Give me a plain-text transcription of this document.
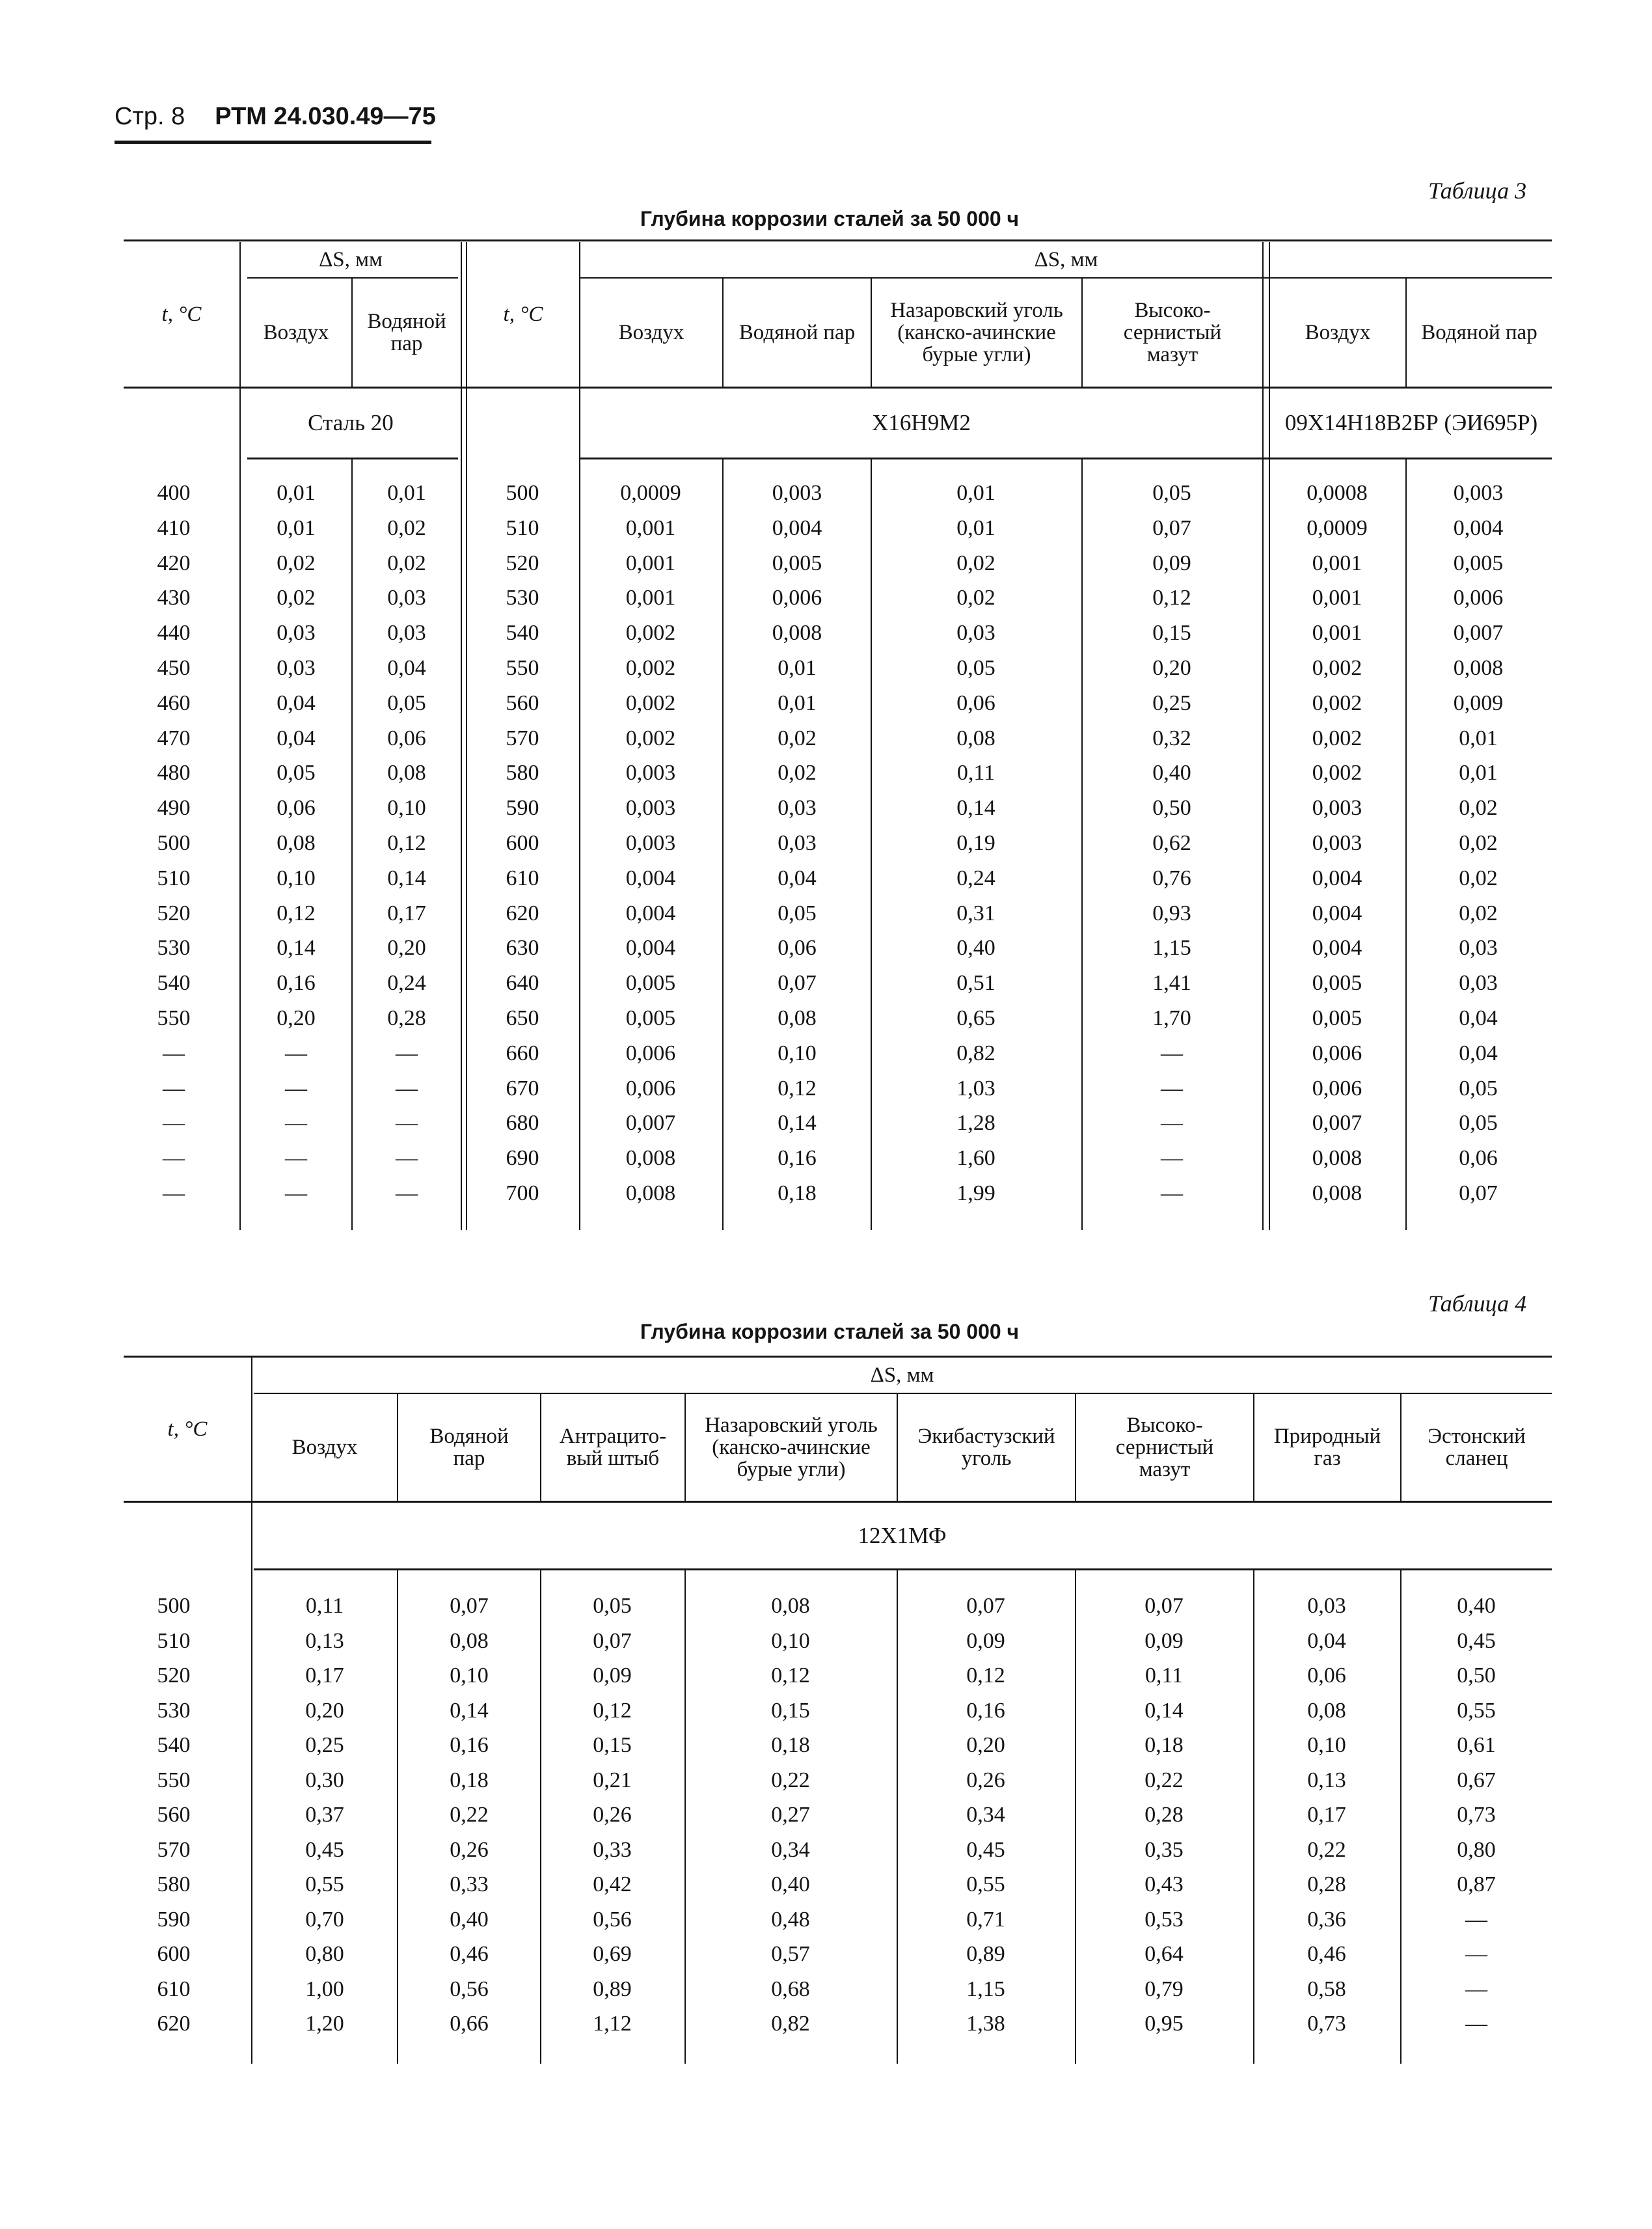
Стр. 8 РТМ 24.030.49—75
Таблица 3
Глубина коррозии сталей за 50 000 ч
t, °C
ΔS, мм
Воздух	Водяной пар
t, °C
ΔS, мм
Воздух	Водяной пар
Назаровский уголь (канско-ачинские бурые угли)
Высоко-сернистый мазут
Воздух	Водяной пар
Сталь 20	Х16Н9М2	09Х14Н18В2БР (ЭИ695Р)
Таблица 4
Глубина коррозии сталей за 50 000 ч
t, °C
ΔS, мм
Воздух	Водяной пар
Антрацито-вый штыб
Назаровский уголь (канско-ачинские бурые угли)
Экибастузский уголь
Высоко-сернистый мазут
Природный газ
Эстонский сланец
12Х1МФ
400	0,01	0,01	500	0,0009	0,003	0,01	0,05	0,0008	0,003
410	0,01	0,02	510	0,001	0,004	0,01	0,07	0,0009	0,004
420	0,02	0,02	520	0,001	0,005	0,02	0,09	0,001	0,005
430	0,02	0,03	530	0,001	0,006	0,02	0,12	0,001	0,006
440	0,03	0,03	540	0,002	0,008	0,03	0,15	0,001	0,007
450	0,03	0,04	550	0,002	0,01	0,05	0,20	0,002	0,008
460	0,04	0,05	560	0,002	0,01	0,06	0,25	0,002	0,009
470	0,04	0,06	570	0,002	0,02	0,08	0,32	0,002	0,01
480	0,05	0,08	580	0,003	0,02	0,11	0,40	0,002	0,01
490	0,06	0,10	590	0,003	0,03	0,14	0,50	0,003	0,02
500	0,08	0,12	600	0,003	0,03	0,19	0,62	0,003	0,02
510	0,10	0,14	610	0,004	0,04	0,24	0,76	0,004	0,02
520	0,12	0,17	620	0,004	0,05	0,31	0,93	0,004	0,02
530	0,14	0,20	630	0,004	0,06	0,40	1,15	0,004	0,03
540	0,16	0,24	640	0,005	0,07	0,51	1,41	0,005	0,03
550	0,20	0,28	650	0,005	0,08	0,65	1,70	0,005	0,04
—	—	—	660	0,006	0,10	0,82	—	0,006	0,04
—	—	—	670	0,006	0,12	1,03	—	0,006	0,05
—	—	—	680	0,007	0,14	1,28	—	0,007	0,05
—	—	—	690	0,008	0,16	1,60	—	0,008	0,06
—	—	—	700	0,008	0,18	1,99	—	0,008	0,07
500	0,11	0,07	0,05	0,08	0,07	0,07	0,03	0,40
510	0,13	0,08	0,07	0,10	0,09	0,09	0,04	0,45
520	0,17	0,10	0,09	0,12	0,12	0,11	0,06	0,50
530	0,20	0,14	0,12	0,15	0,16	0,14	0,08	0,55
540	0,25	0,16	0,15	0,18	0,20	0,18	0,10	0,61
550	0,30	0,18	0,21	0,22	0,26	0,22	0,13	0,67
560	0,37	0,22	0,26	0,27	0,34	0,28	0,17	0,73
570	0,45	0,26	0,33	0,34	0,45	0,35	0,22	0,80
580	0,55	0,33	0,42	0,40	0,55	0,43	0,28	0,87
590	0,70	0,40	0,56	0,48	0,71	0,53	0,36	—
600	0,80	0,46	0,69	0,57	0,89	0,64	0,46	—
610	1,00	0,56	0,89	0,68	1,15	0,79	0,58	—
620	1,20	0,66	1,12	0,82	1,38	0,95	0,73	—
